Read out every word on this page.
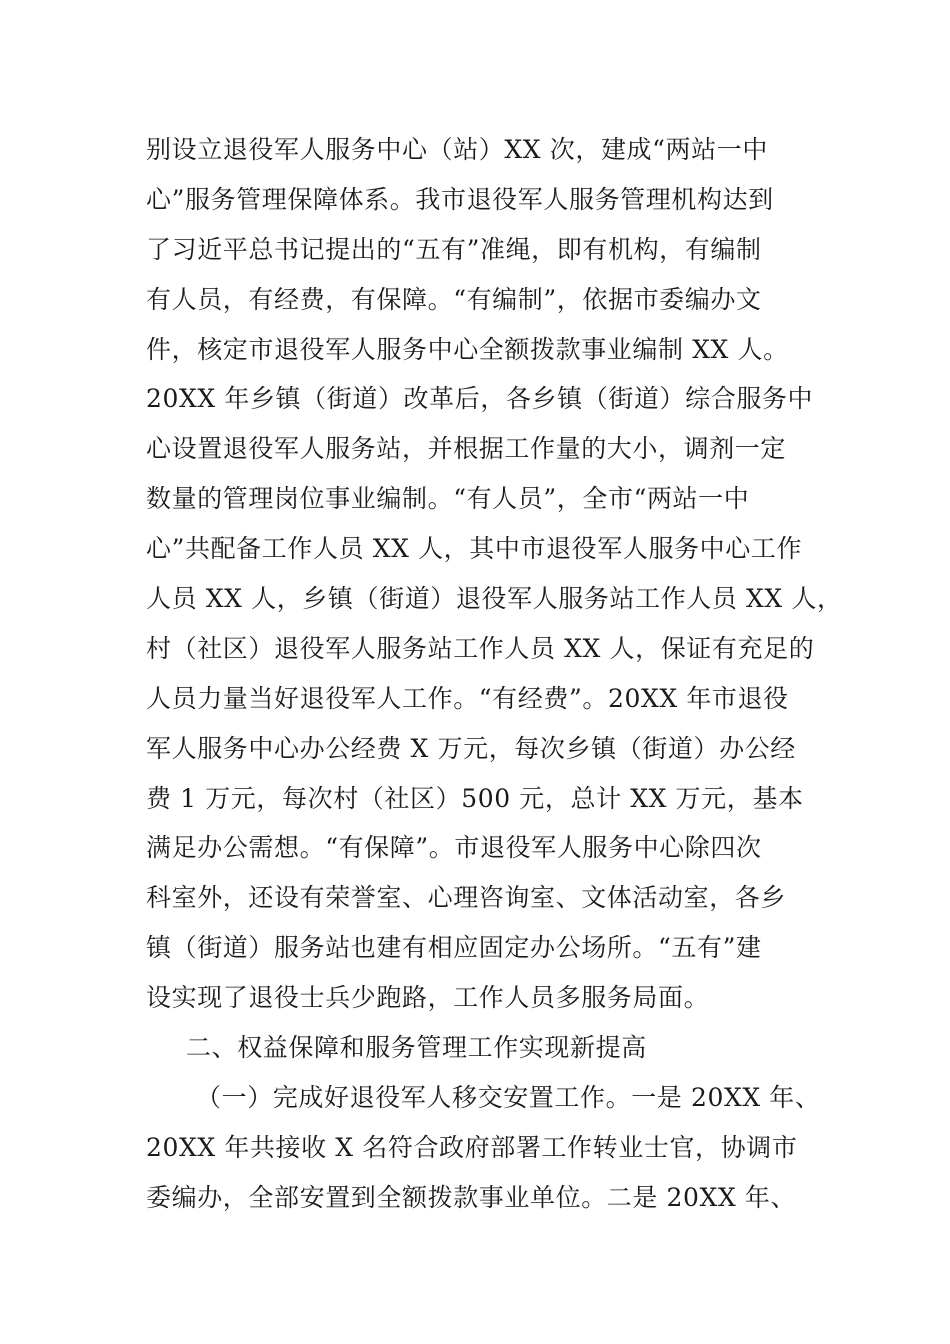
别设立退役军人服务中心（站）XX 次，建成“两站一中
心”服务管理保障体系。我市退役军人服务管理机构达到
了习近平总书记提出的“五有”准绳，即有机构，有编制
有人员，有经费，有保障。“有编制”，依据市委编办文
件，核定市退役军人服务中心全额拨款事业编制 XX 人。
20XX 年乡镇（街道）改革后，各乡镇（街道）综合服务中
心设置退役军人服务站，并根据工作量的大小，调剂一定
数量的管理岗位事业编制。“有人员”，全市“两站一中
心”共配备工作人员 XX 人，其中市退役军人服务中心工作
人员 XX 人，乡镇（街道）退役军人服务站工作人员 XX 人，
村（社区）退役军人服务站工作人员 XX 人，保证有充足的
人员力量当好退役军人工作。“有经费”。20XX 年市退役
军人服务中心办公经费 X 万元，每次乡镇（街道）办公经
费 1 万元，每次村（社区）500 元，总计 XX 万元，基本
满足办公需想。“有保障”。市退役军人服务中心除四次
科室外，还设有荣誉室、心理咨询室、文体活动室，各乡
镇（街道）服务站也建有相应固定办公场所。“五有”建
设实现了退役士兵少跑路，工作人员多服务局面。
二、权益保障和服务管理工作实现新提高
（一）完成好退役军人移交安置工作。一是 20XX 年、
20XX 年共接收 X 名符合政府部署工作转业士官，协调市
委编办，全部安置到全额拨款事业单位。二是 20XX 年、
